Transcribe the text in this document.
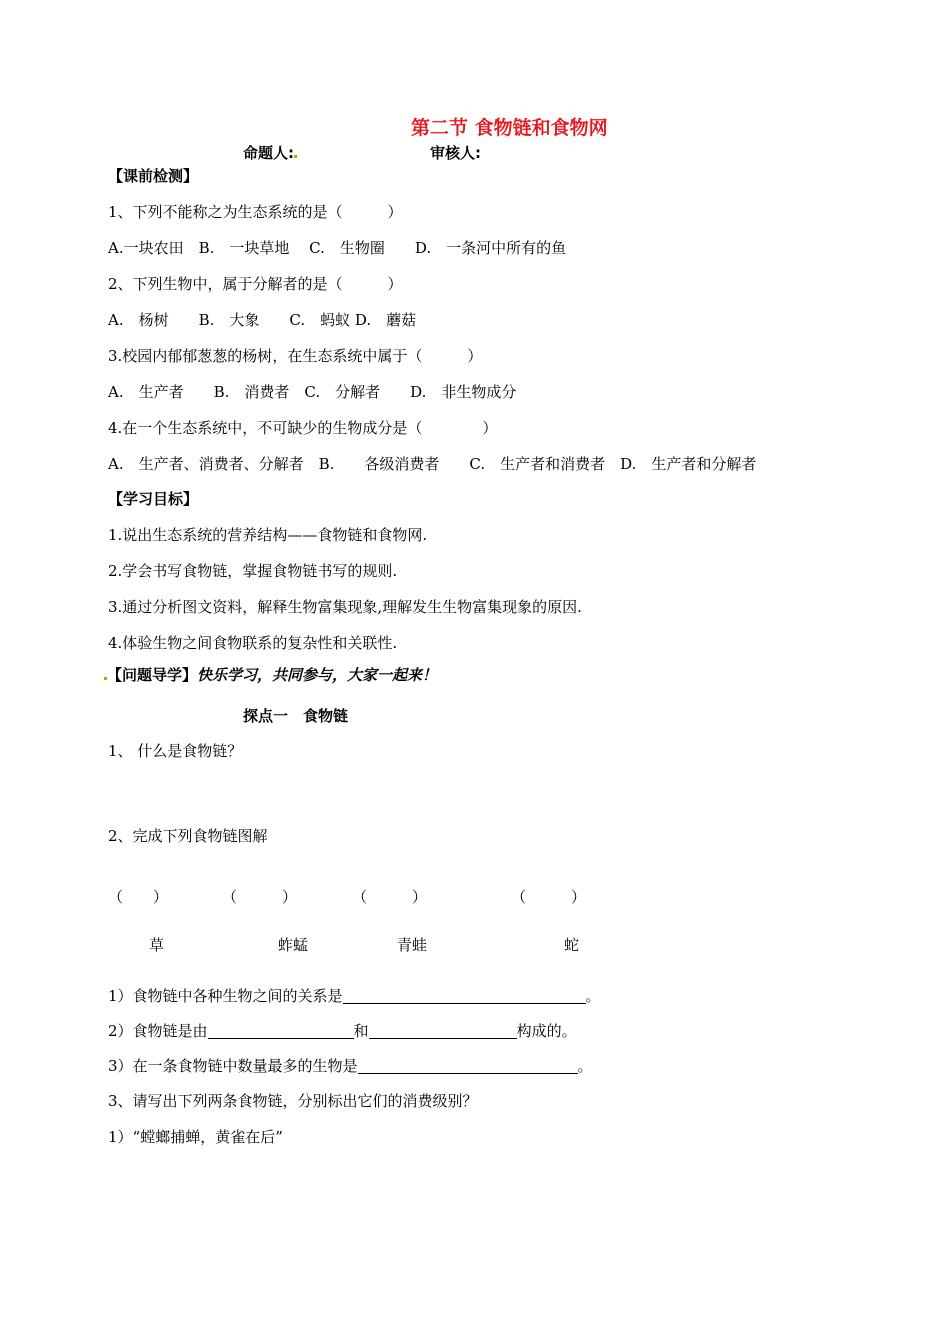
第二节 食物链和食物网
命题人:	审核人:
【课前检测】
1、下列不能称之为生态系统的是（　　　）
A.一块农田　B.　一块草地　 C.　生物圈　　D.　一条河中所有的鱼
2、下列生物中，属于分解者的是（　　　）
A.　杨树　　B.　大象　　C.　蚂蚁 D.　蘑菇
3.校园内郁郁葱葱的杨树，在生态系统中属于（　　　）
A.　生产者　　B.　消费者　C.　分解者　　D.　非生物成分
4.在一个生态系统中，不可缺少的生物成分是（　　　　）
A.　生产者、消费者、分解者　B.　　各级消费者　　C.　生产者和消费者　D.　生产者和分解者
【学习目标】
1.说出生态系统的营养结构——食物链和食物网.
2.学会书写食物链，掌握食物链书写的规则.
3.通过分析图文资料，解释生物富集现象,理解发生生物富集现象的原因.
4.体验生物之间食物联系的复杂性和关联性.
【问题导学】快乐学习，共同参与，大家一起来！
探点一　食物链
1、 什么是食物链？
2、完成下列食物链图解
（　　）	（　　　）	（　　　）	（　　　）
草	蚱蜢	青蛙	蛇
1）食物链中各种生物之间的关系是	。
2）食物链是由	和	构成的。
3）在一条食物链中数量最多的生物是	。
3、请写出下列两条食物链，分别标出它们的消费级别？
1）“螳螂捕蝉，黄雀在后”
